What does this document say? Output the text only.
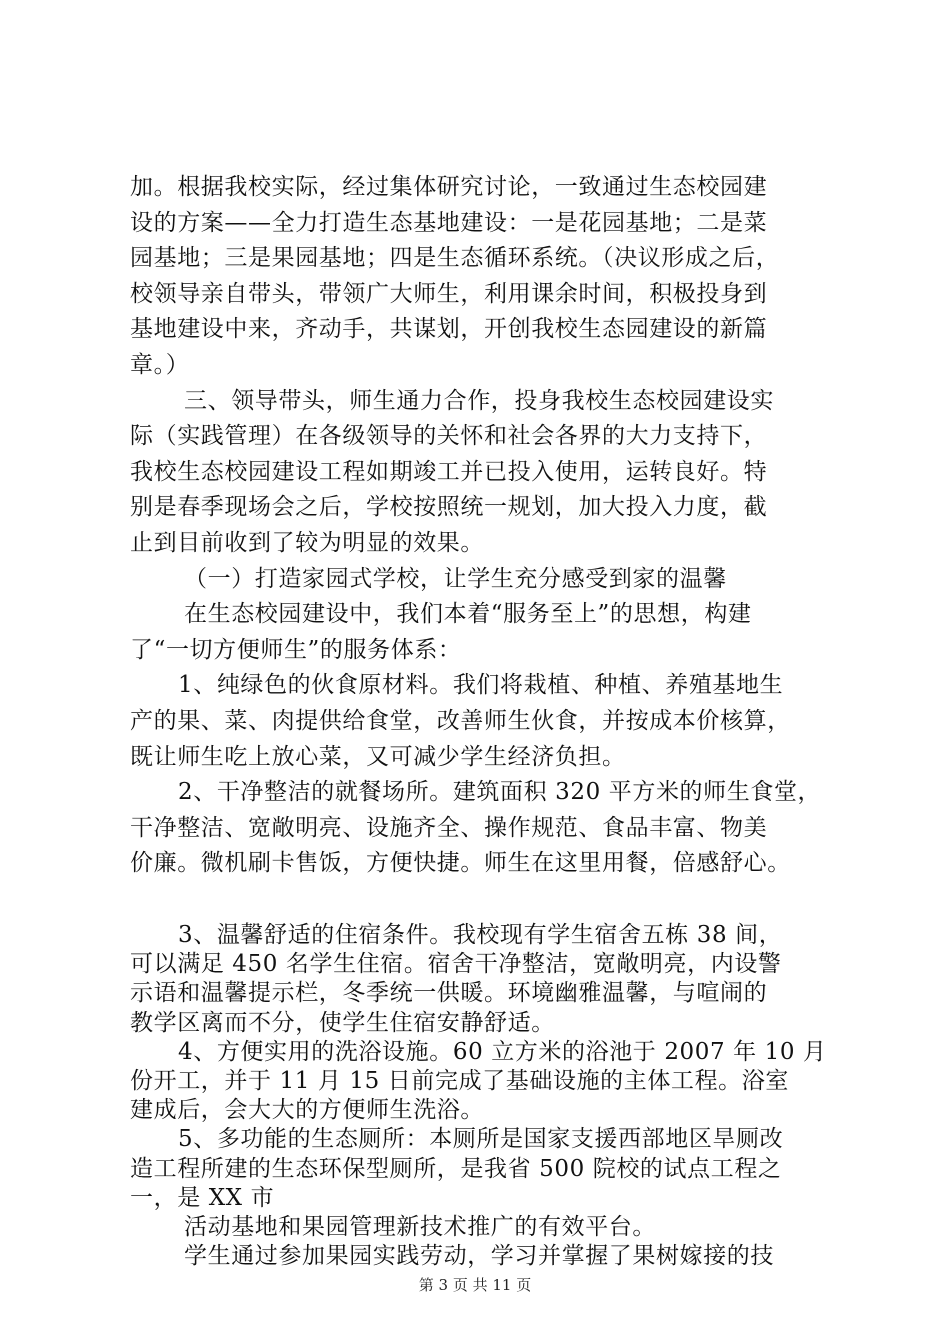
加。根据我校实际，经过集体研究讨论，一致通过生态校园建
设的方案——全力打造生态基地建设：一是花园基地；二是菜
园基地；三是果园基地；四是生态循环系统。（决议形成之后，
校领导亲自带头，带领广大师生，利用课余时间，积极投身到
基地建设中来，齐动手，共谋划，开创我校生态园建设的新篇
章。）
三、领导带头，师生通力合作，投身我校生态校园建设实
际（实践管理）在各级领导的关怀和社会各界的大力支持下，
我校生态校园建设工程如期竣工并已投入使用，运转良好。特
别是春季现场会之后，学校按照统一规划，加大投入力度，截
止到目前收到了较为明显的效果。
（一）打造家园式学校，让学生充分感受到家的温馨
在生态校园建设中，我们本着“服务至上”的思想，构建
了“一切方便师生”的服务体系：
1、纯绿色的伙食原材料。我们将栽植、种植、养殖基地生
产的果、菜、肉提供给食堂，改善师生伙食，并按成本价核算，
既让师生吃上放心菜，又可减少学生经济负担。
2、干净整洁的就餐场所。建筑面积 320 平方米的师生食堂，
干净整洁、宽敞明亮、设施齐全、操作规范、食品丰富、物美
价廉。微机刷卡售饭，方便快捷。师生在这里用餐，倍感舒心。
3、温馨舒适的住宿条件。我校现有学生宿舍五栋 38 间，
可以满足 450 名学生住宿。宿舍干净整洁，宽敞明亮，内设警
示语和温馨提示栏，冬季统一供暖。环境幽雅温馨，与喧闹的
教学区离而不分，使学生住宿安静舒适。
4、方便实用的洗浴设施。60 立方米的浴池于 2007 年 10 月
份开工，并于 11 月 15 日前完成了基础设施的主体工程。浴室
建成后，会大大的方便师生洗浴。
5、多功能的生态厕所：本厕所是国家支援西部地区旱厕改
造工程所建的生态环保型厕所，是我省 500 院校的试点工程之
一，是 XX 市
活动基地和果园管理新技术推广的有效平台。
学生通过参加果园实践劳动，学习并掌握了果树嫁接的技
第 3 页 共 11 页
